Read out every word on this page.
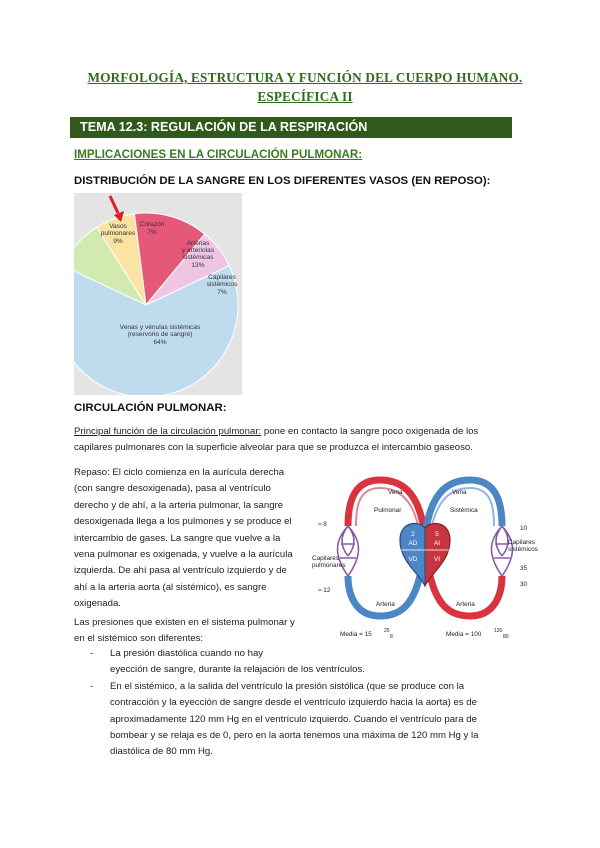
MORFOLOGÍA, ESTRUCTURA Y FUNCIÓN DEL CUERPO HUMANO.
ESPECÍFICA II
TEMA 12.3: REGULACIÓN DE LA RESPIRACIÓN
IMPLICACIONES EN LA CIRCULACIÓN PULMONAR:
DISTRIBUCIÓN DE LA SANGRE EN LOS DIFERENTES VASOS (EN REPOSO):
Vasos
pulmonares
9%
Corazón
7%
Arterias
y arteriolas
sistémicas
13%
Capilares
sistémicos
7%
Venas y vénulas sistémicas
(reservorio de sangre)
64%
CIRCULACIÓN PULMONAR:
Principal función de la circulación pulmonar: pone en contacto la sangre poco oxigenada de los
capilares pulmonares con la superficie alveolar para que se produzca el intercambio gaseoso.
Repaso: El ciclo comienza en la aurícula derecha
(con sangre desoxigenada), pasa al ventrículo
derecho y de ahí, a la arteria pulmonar, la sangre
desoxigenada llega a los pulmones y se produce el
intercambio de gases. La sangre que vuelve a la
vena pulmonar es oxigenada, y vuelve a la aurícula
izquierda. De ahí pasa al ventrículo izquierdo y de
ahí a la arteria aorta (al sistémico), es sangre
oxigenada.
Las presiones que existen en el sistema pulmonar y
en el sistémico son diferentes:
- La presión diastólica cuando no hay
eyección de sangre, durante la relajación de los ventrículos.
- En el sistémico, a la salida del ventrículo la presión sistólica (que se produce con la
contracción y la eyección de sangre desde el ventrículo izquierdo hacia la aorta) es de
aproximadamente 120 mm Hg en el ventrículo izquierdo. Cuando el ventrículo para de
bombear y se relaja es de 0, pero en la aorta tenemos una máxima de 120 mm Hg y la
diastólica de 80 mm Hg.
2
AD
VD
5
AI
VI
Vena	Vena
Pulmonar	Sistémica
≈ 8
Capilares
pulmonares
≈ 12
10
Capilares
sistémicos
35
30
Arteria	Arteria
Media = 15 25
8	Media = 100	120
80
